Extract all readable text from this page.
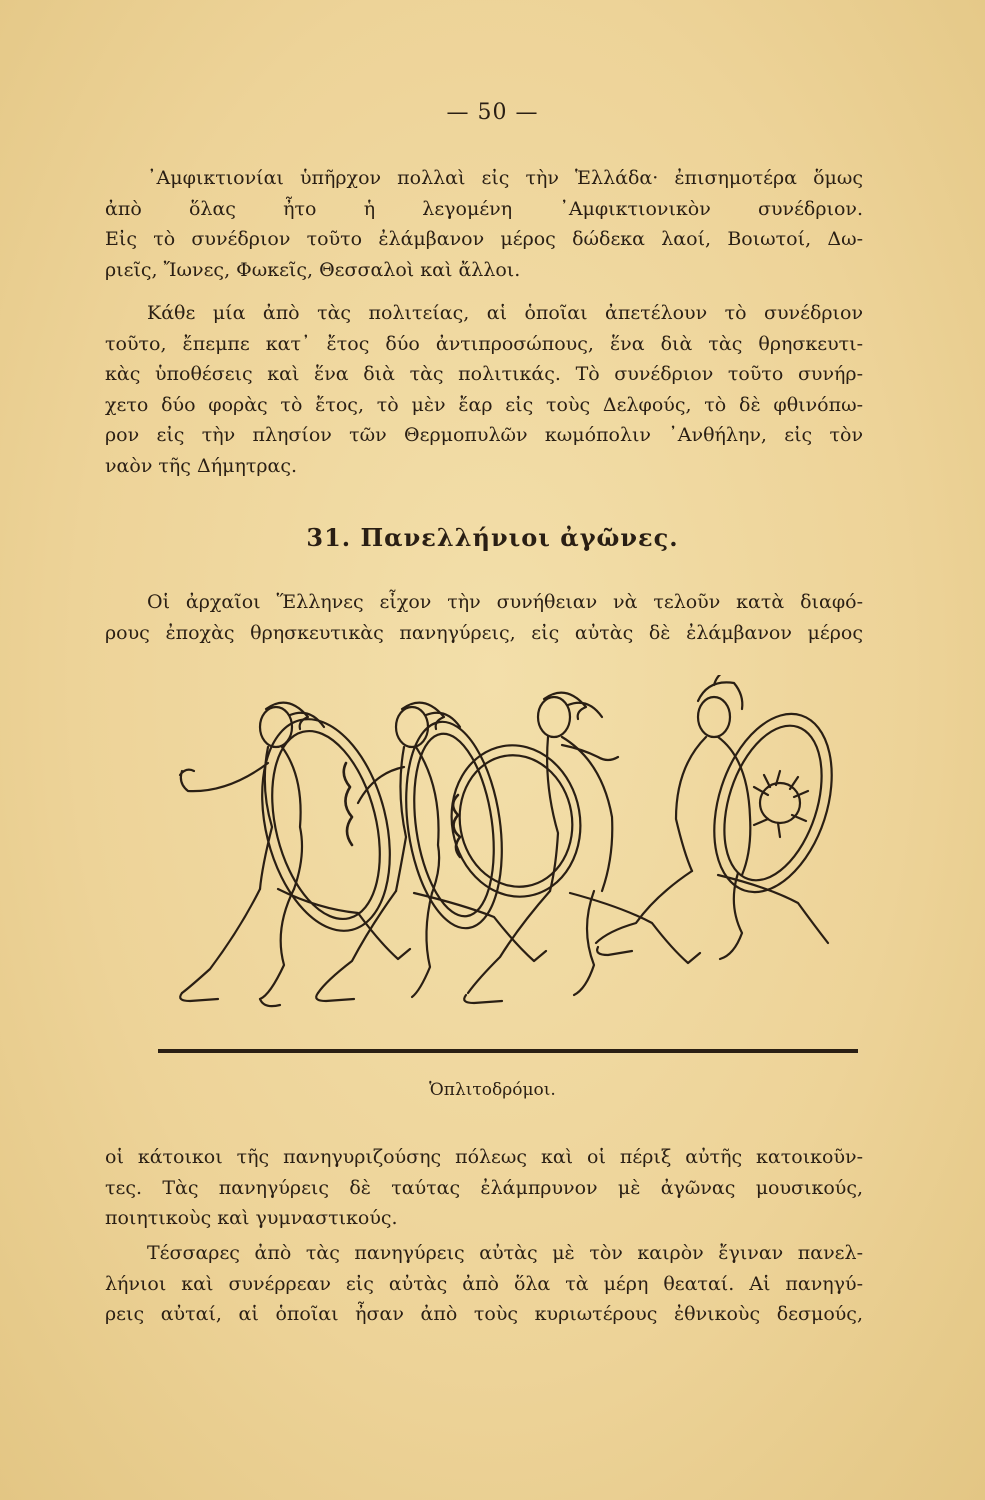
— 50 —
᾿Αμφικτιονίαι ὑπῆρχον πολλαὶ εἰς τὴν Ἑλλάδα· ἐπισημοτέρα ὅμως
ἀπὸ ὅλας ἦτο ἡ λεγομένη ᾿Αμφικτιονικὸν συνέδριον.
Εἰς τὸ συνέδριον τοῦτο ἐλάμβανον μέρος δώδεκα λαοί, Βοιωτοί, Δω-
ριεῖς, Ἴωνες, Φωκεῖς, Θεσσαλοὶ καὶ ἄλλοι.
Κάθε μία ἀπὸ τὰς πολιτείας, αἱ ὁποῖαι ἀπετέλουν τὸ συνέδριον
τοῦτο, ἔπεμπε κατ᾿ ἔτος δύο ἀντιπροσώπους, ἕνα διὰ τὰς θρησκευτι-
κὰς ὑποθέσεις καὶ ἕνα διὰ τὰς πολιτικάς. Τὸ συνέδριον τοῦτο συνήρ-
χετο δύο φορὰς τὸ ἔτος, τὸ μὲν ἔαρ εἰς τοὺς Δελφούς, τὸ δὲ φθινόπω-
ρον εἰς τὴν πλησίον τῶν Θερμοπυλῶν κωμόπολιν ᾿Ανθήλην, εἰς τὸν
ναὸν τῆς Δήμητρας.
31. Πανελλήνιοι ἀγῶνες.
Οἱ ἀρχαῖοι Ἕλληνες εἶχον τὴν συνήθειαν νὰ τελοῦν κατὰ διαφό-
ρους ἐποχὰς θρησκευτικὰς πανηγύρεις, εἰς αὐτὰς δὲ ἐλάμβανον μέρος
Ὁπλιτοδρόμοι.
οἱ κάτοικοι τῆς πανηγυριζούσης πόλεως καὶ οἱ πέριξ αὐτῆς κατοικοῦν-
τες. Τὰς πανηγύρεις δὲ ταύτας ἐλάμπρυνον μὲ ἀγῶνας μουσικούς,
ποιητικοὺς καὶ γυμναστικούς.
Τέσσαρες ἀπὸ τὰς πανηγύρεις αὐτὰς μὲ τὸν καιρὸν ἔγιναν πανελ-
λήνιοι καὶ συνέρρεαν εἰς αὐτὰς ἀπὸ ὅλα τὰ μέρη θεαταί. Αἱ πανηγύ-
ρεις αὐταί, αἱ ὁποῖαι ἦσαν ἀπὸ τοὺς κυριωτέρους ἐθνικοὺς δεσμούς,
